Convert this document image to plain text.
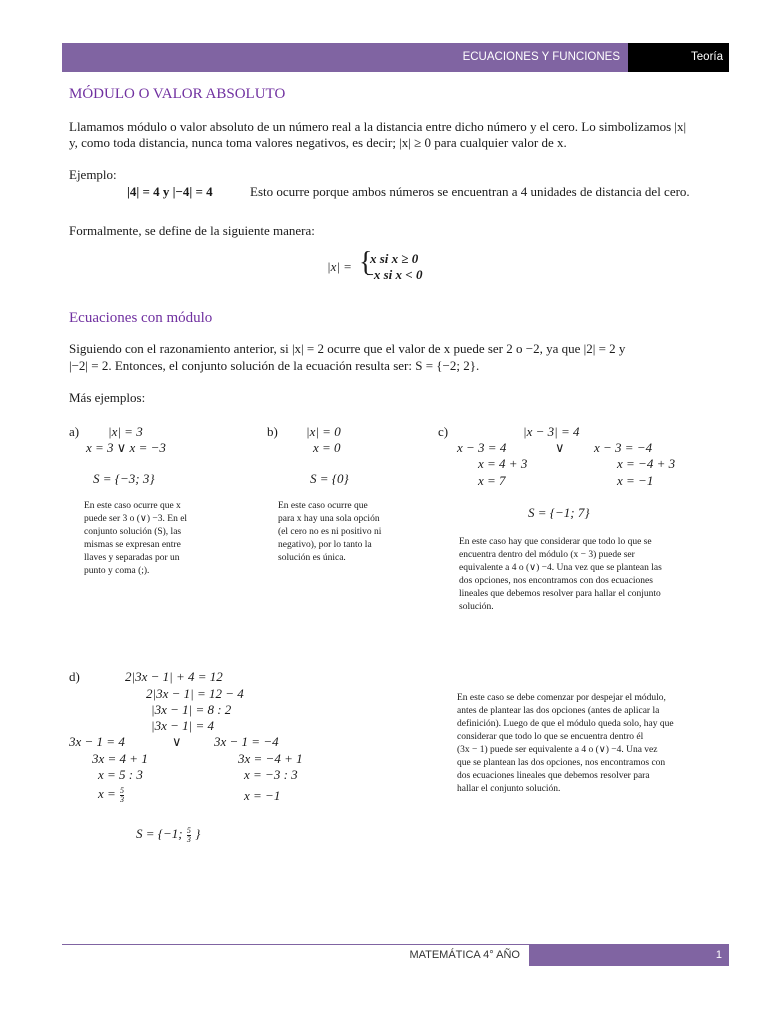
ECUACIONES Y FUNCIONES	Teoría
MÓDULO O VALOR ABSOLUTO
Llamamos módulo o valor absoluto de un número real a la distancia entre dicho número y el cero. Lo simbolizamos |x|
y, como toda distancia, nunca toma valores negativos, es decir; |x| ≥ 0 para cualquier valor de x.
Ejemplo:
|4| = 4 y |−4| = 4	Esto ocurre porque ambos números se encuentran a 4 unidades de distancia del cero.
Formalmente, se define de la siguiente manera:
|x| = {
x si x ≥ 0
−x si x < 0
Ecuaciones con módulo
Siguiendo con el razonamiento anterior, si |x| = 2 ocurre que el valor de x puede ser 2 o −2, ya que |2| = 2 y
|−2| = 2. Entonces, el conjunto solución de la ecuación resulta ser: S = {−2; 2}.
Más ejemplos:
a) |x| = 3
x = 3 ∨ x = −3
S = {−3; 3}
En este caso ocurre que x
puede ser 3 o (∨) −3. En el
conjunto solución (S), las
mismas se expresan entre
llaves y separadas por un
punto y coma (;).
b) |x| = 0
x = 0
S = {0}
En este caso ocurre que
para x hay una sola opción
(el cero no es ni positivo ni
negativo), por lo tanto la
solución es única.
c)	|x − 3| = 4
x − 3 = 4
x = 4 + 3
x = 7
∨ x − 3 = −4
x = −4 + 3
x = −1
S = {−1; 7}
En este caso hay que considerar que todo lo que se
encuentra dentro del módulo (x − 3) puede ser
equivalente a 4 o (∨) −4. Una vez que se plantean las
dos opciones, nos encontramos con dos ecuaciones
lineales que debemos resolver para hallar el conjunto
solución.
d)	2|3x − 1| + 4 = 12
2|3x − 1| = 12 − 4
|3x − 1| = 8 : 2
|3x − 1| = 4
3x − 1 = 4
3x = 4 + 1
x = 5 : 3
$x = \frac{5}{3}$
∨ 3x − 1 = −4
3x = −4 + 1
x = −3 : 3
x = −1
S = {−1; $\frac{5}{3}$ }
En este caso se debe comenzar por despejar el módulo,
antes de plantear las dos opciones (antes de aplicar la
definición). Luego de que el módulo queda solo, hay que
considerar que todo lo que se encuentra dentro él
(3x − 1) puede ser equivalente a 4 o (∨) −4. Una vez
que se plantean las dos opciones, nos encontramos con
dos ecuaciones lineales que debemos resolver para
hallar el conjunto solución.
MATEMÁTICA 4° AÑO	1
